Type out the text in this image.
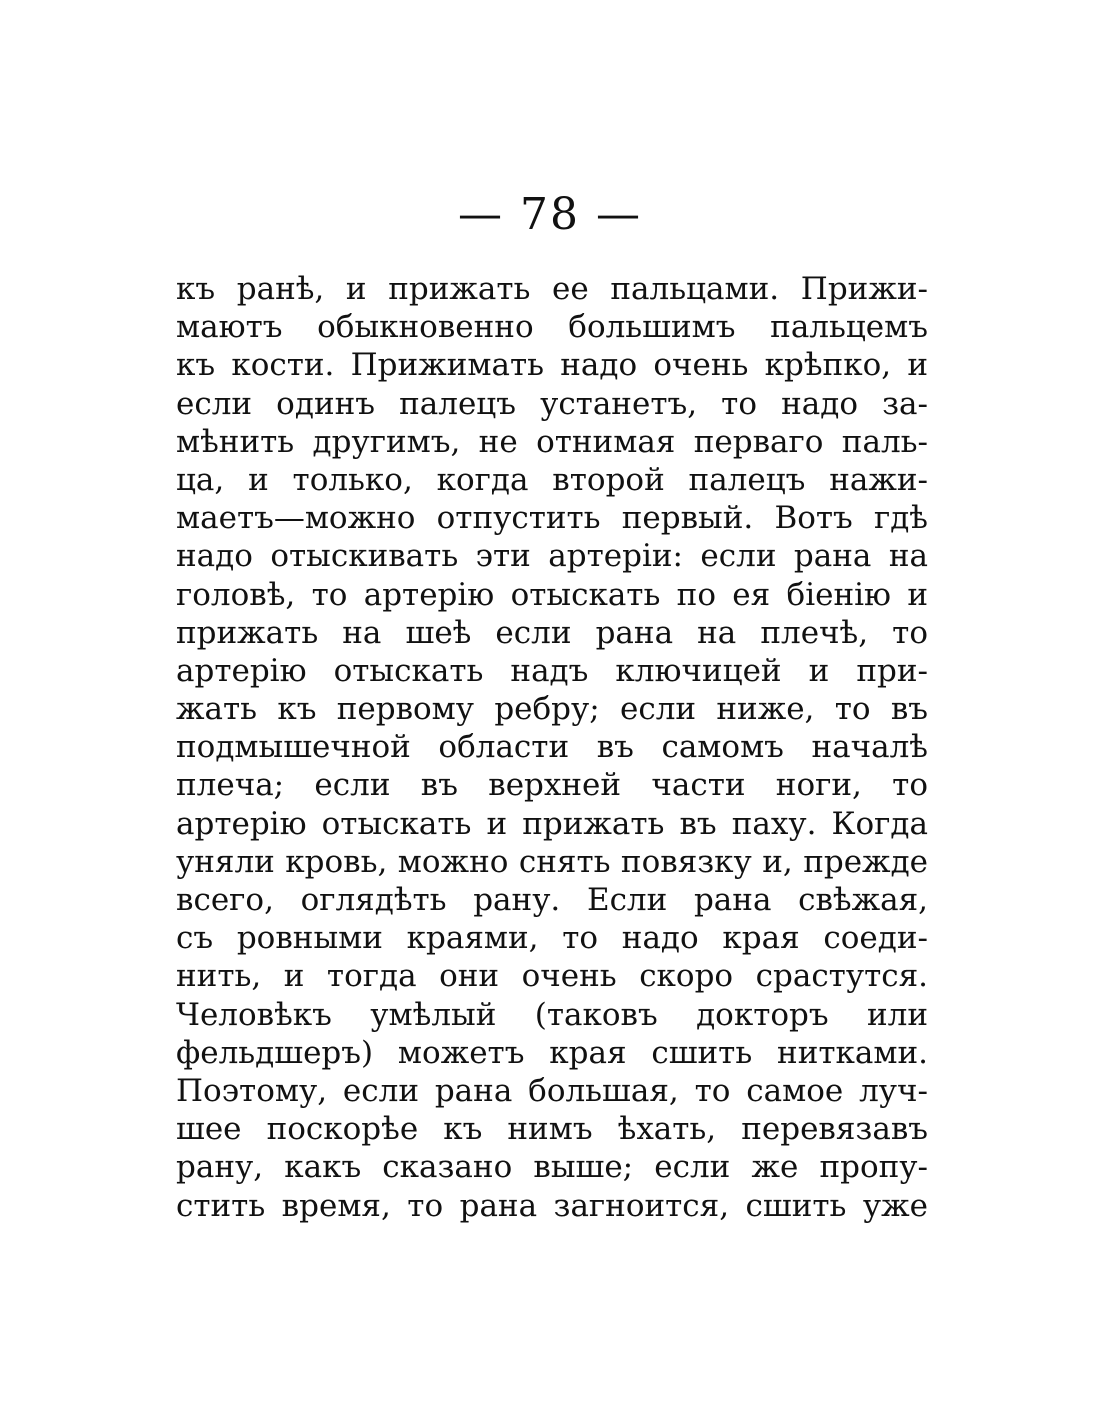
— 78 —
къ ранѣ, и прижать ее пальцами. Прижи-
маютъ обыкновенно большимъ пальцемъ
къ кости. Прижимать надо очень крѣпко, и
если одинъ палецъ устанетъ, то надо за-
мѣнить другимъ, не отнимая перваго паль-
ца, и только, когда второй палецъ нажи-
маетъ—можно отпустить первый. Вотъ гдѣ
надо отыскивать эти артеріи: если рана на
головѣ, то артерію отыскать по ея біенію и
прижать на шеѣ если рана на плечѣ, то
артерію отыскать надъ ключицей и при-
жать къ первому ребру; если ниже, то въ
подмышечной области въ самомъ началѣ
плеча; если въ верхней части ноги, то
артерію отыскать и прижать въ паху. Когда
уняли кровь, можно снять повязку и, прежде
всего, оглядѣть рану. Если рана свѣжая,
съ ровными краями, то надо края соеди-
нить, и тогда они очень скоро срастутся.
Человѣкъ умѣлый (таковъ докторъ или
фельдшеръ) можетъ края сшить нитками.
Поэтому, если рана большая, то самое луч-
шее поскорѣе къ нимъ ѣхать, перевязавъ
рану, какъ сказано выше; если же пропу-
стить время, то рана загноится, сшить уже
